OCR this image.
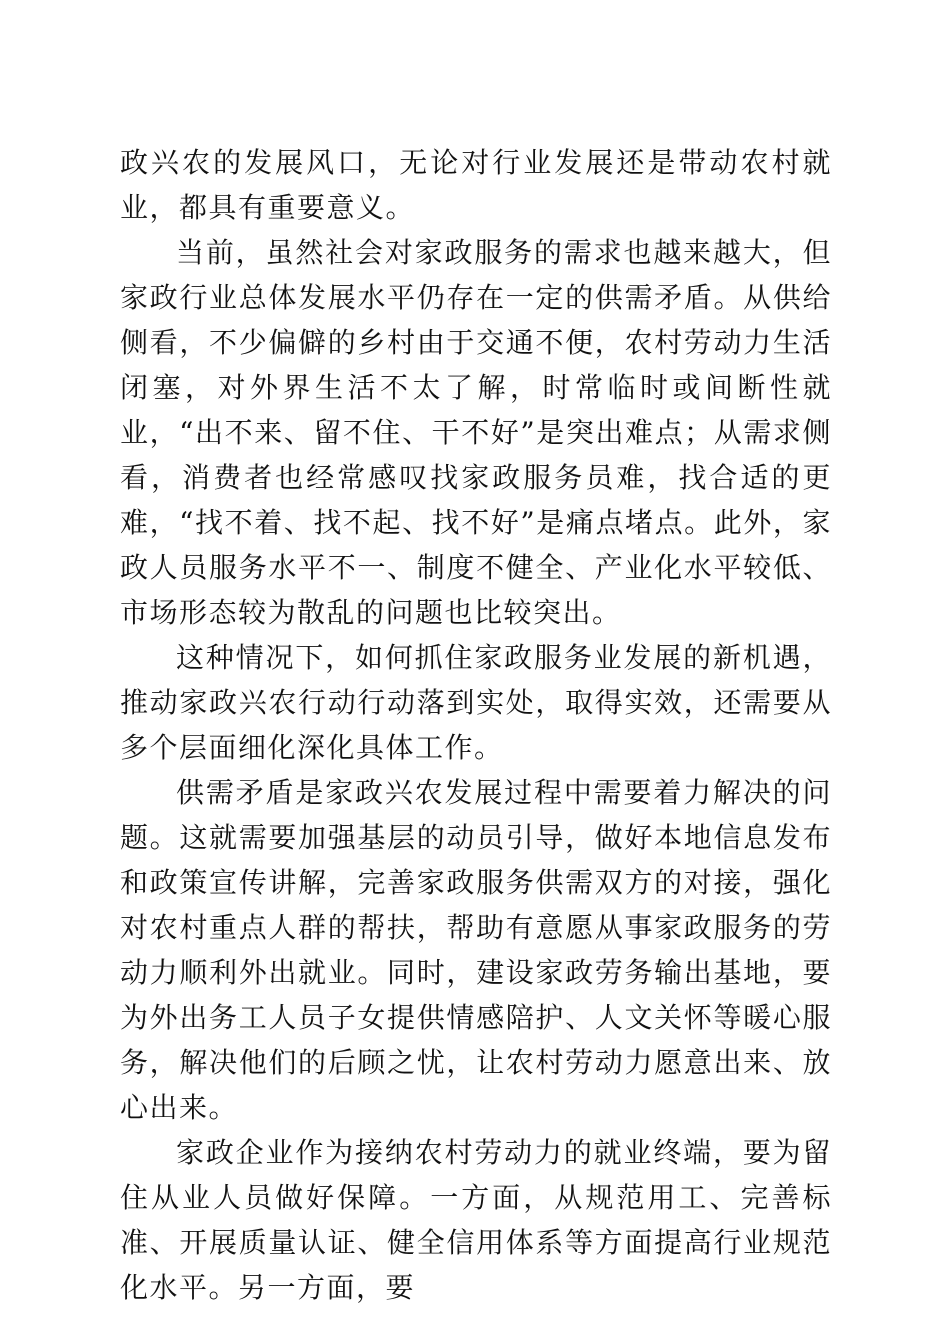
政兴农的发展风口，无论对行业发展还是带动农村就业，都具有重要意义。

当前，虽然社会对家政服务的需求也越来越大，但家政行业总体发展水平仍存在一定的供需矛盾。从供给侧看，不少偏僻的乡村由于交通不便，农村劳动力生活闭塞，对外界生活不太了解，时常临时或间断性就业，“出不来、留不住、干不好”是突出难点；从需求侧看，消费者也经常感叹找家政服务员难，找合适的更难，“找不着、找不起、找不好”是痛点堵点。此外，家政人员服务水平不一、制度不健全、产业化水平较低、市场形态较为散乱的问题也比较突出。

这种情况下，如何抓住家政服务业发展的新机遇，推动家政兴农行动行动落到实处，取得实效，还需要从多个层面细化深化具体工作。

供需矛盾是家政兴农发展过程中需要着力解决的问题。这就需要加强基层的动员引导，做好本地信息发布和政策宣传讲解，完善家政服务供需双方的对接，强化对农村重点人群的帮扶，帮助有意愿从事家政服务的劳动力顺利外出就业。同时，建设家政劳务输出基地，要为外出务工人员子女提供情感陪护、人文关怀等暖心服务，解决他们的后顾之忧，让农村劳动力愿意出来、放心出来。

家政企业作为接纳农村劳动力的就业终端，要为留住从业人员做好保障。一方面，从规范用工、完善标准、开展质量认证、健全信用体系等方面提高行业规范化水平。另一方面，要
